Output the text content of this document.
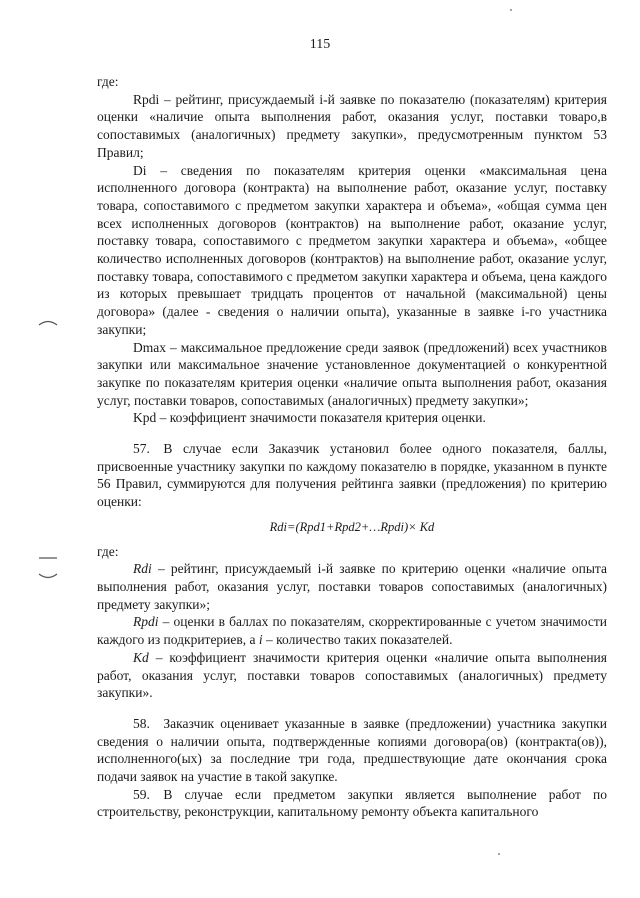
115

где:

Rpdi – рейтинг, присуждаемый i-й заявке по показателю (показателям) критерия оценки «наличие опыта выполнения работ, оказания услуг, поставки товаро,в сопоставимых (аналогичных) предмету закупки», предусмотренным пунктом 53 Правил;

Di – сведения по показателям критерия оценки «максимальная цена исполненного договора (контракта) на выполнение работ, оказание услуг, поставку товара, сопоставимого с предметом закупки характера и объема», «общая сумма цен всех исполненных договоров (контрактов) на выполнение работ, оказание услуг, поставку товара, сопоставимого с предметом закупки характера и объема», «общее количество исполненных договоров (контрактов) на выполнение работ, оказание услуг, поставку товара, сопоставимого с предметом закупки характера и объема, цена каждого из которых превышает тридцать процентов от начальной (максимальной) цены договора» (далее - сведения о наличии опыта), указанные в заявке i-го участника закупки;

Dmax – максимальное предложение среди заявок (предложений) всех участников закупки или максимальное значение установленное документацией о конкурентной закупке по показателям критерия оценки «наличие опыта выполнения работ, оказания услуг, поставки товаров, сопоставимых (аналогичных) предмету закупки»;

Kpd – коэффициент значимости показателя критерия оценки.

57. В случае если Заказчик установил более одного показателя, баллы, присвоенные участнику закупки по каждому показателю в порядке, указанном в пункте 56 Правил, суммируются для получения рейтинга заявки (предложения) по критерию оценки:

Rdi=(Rpd1+Rpd2+…Rpdi)× Kd

где:

Rdi – рейтинг, присуждаемый i-й заявке по критерию оценки «наличие опыта выполнения работ, оказания услуг, поставки товаров сопоставимых (аналогичных) предмету закупки»;

Rpdi – оценки в баллах по показателям, скорректированные с учетом значимости каждого из подкритериев, а i – количество таких показателей.

Kd – коэффициент значимости критерия оценки «наличие опыта выполнения работ, оказания услуг, поставки товаров сопоставимых (аналогичных) предмету закупки».

58. Заказчик оценивает указанные в заявке (предложении) участника закупки сведения о наличии опыта, подтвержденные копиями договора(ов) (контракта(ов)), исполненного(ых) за последние три года, предшествующие дате окончания срока подачи заявок на участие в такой закупке.

59. В случае если предметом закупки является выполнение работ по строительству, реконструкции, капитальному ремонту объекта капитального
